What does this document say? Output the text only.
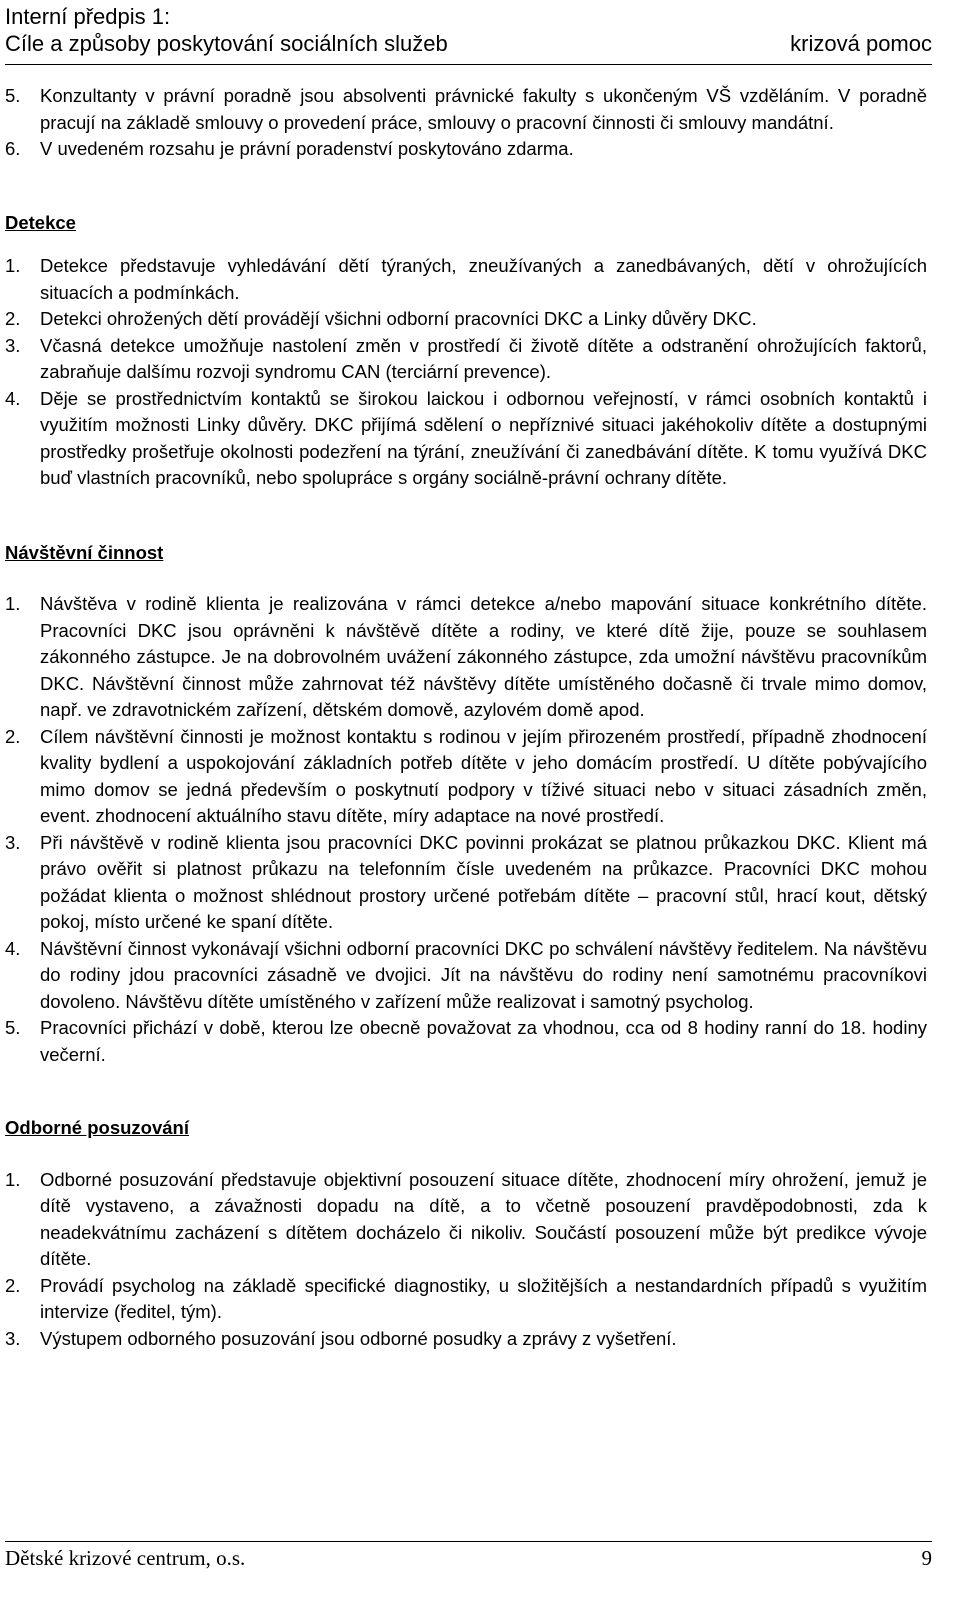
Interní předpis 1:
Cíle a způsoby poskytování sociálních služeb	krizová pomoc
5. Konzultanty v právní poradně jsou absolventi právnické fakulty s ukončeným VŠ vzděláním. V poradně pracují na základě smlouvy o provedení práce, smlouvy o pracovní činnosti či smlouvy mandátní.
6. V uvedeném rozsahu je právní poradenství poskytováno zdarma.

Detekce

1. Detekce představuje vyhledávání dětí týraných, zneužívaných a zanedbávaných, dětí v ohrožujících situacích a podmínkách.
2. Detekci ohrožených dětí provádějí všichni odborní pracovníci DKC a Linky důvěry DKC.
3. Včasná detekce umožňuje nastolení změn v prostředí či životě dítěte a odstranění ohrožujících faktorů, zabraňuje dalšímu rozvoji syndromu CAN (terciární prevence).
4. Děje se prostřednictvím kontaktů se širokou laickou i odbornou veřejností, v rámci osobních kontaktů i využitím možnosti Linky důvěry. DKC přijímá sdělení o nepříznivé situaci jakéhokoliv dítěte a dostupnými prostředky prošetřuje okolnosti podezření na týrání, zneužívání či zanedbávání dítěte. K tomu využívá DKC buď vlastních pracovníků, nebo spolupráce s orgány sociálně-právní ochrany dítěte.

Návštěvní činnost

1. Návštěva v rodině klienta je realizována v rámci detekce a/nebo mapování situace konkrétního dítěte. Pracovníci DKC jsou oprávněni k návštěvě dítěte a rodiny, ve které dítě žije, pouze se souhlasem zákonného zástupce. Je na dobrovolném uvážení zákonného zástupce, zda umožní návštěvu pracovníkům DKC. Návštěvní činnost může zahrnovat též návštěvy dítěte umístěného dočasně či trvale mimo domov, např. ve zdravotnickém zařízení, dětském domově, azylovém domě apod.
2. Cílem návštěvní činnosti je možnost kontaktu s rodinou v jejím přirozeném prostředí, případně zhodnocení kvality bydlení a uspokojování základních potřeb dítěte v jeho domácím prostředí. U dítěte pobývajícího mimo domov se jedná především o poskytnutí podpory v tíživé situaci nebo v situaci zásadních změn, event. zhodnocení aktuálního stavu dítěte, míry adaptace na nové prostředí.
3. Při návštěvě v rodině klienta jsou pracovníci DKC povinni prokázat se platnou průkazkou DKC. Klient má právo ověřit si platnost průkazu na telefonním čísle uvedeném na průkazce. Pracovníci DKC mohou požádat klienta o možnost shlédnout prostory určené potřebám dítěte – pracovní stůl, hrací kout, dětský pokoj, místo určené ke spaní dítěte.
4. Návštěvní činnost vykonávají všichni odborní pracovníci DKC po schválení návštěvy ředitelem. Na návštěvu do rodiny jdou pracovníci zásadně ve dvojici. Jít na návštěvu do rodiny není samotnému pracovníkovi dovoleno. Návštěvu dítěte umístěného v zařízení může realizovat i samotný psycholog.
5. Pracovníci přichází v době, kterou lze obecně považovat za vhodnou, cca od 8 hodiny ranní do 18. hodiny večerní.

Odborné posuzování

1. Odborné posuzování představuje objektivní posouzení situace dítěte, zhodnocení míry ohrožení, jemuž je dítě vystaveno, a závažnosti dopadu na dítě, a to včetně posouzení pravděpodobnosti, zda k neadekvátnímu zacházení s dítětem docházelo či nikoliv. Součástí posouzení může být predikce vývoje dítěte.
2. Provádí psycholog na základě specifické diagnostiky, u složitějších a nestandardních případů s využitím intervize (ředitel, tým).
3. Výstupem odborného posuzování jsou odborné posudky a zprávy z vyšetření.
Dětské krizové centrum, o.s.	9
